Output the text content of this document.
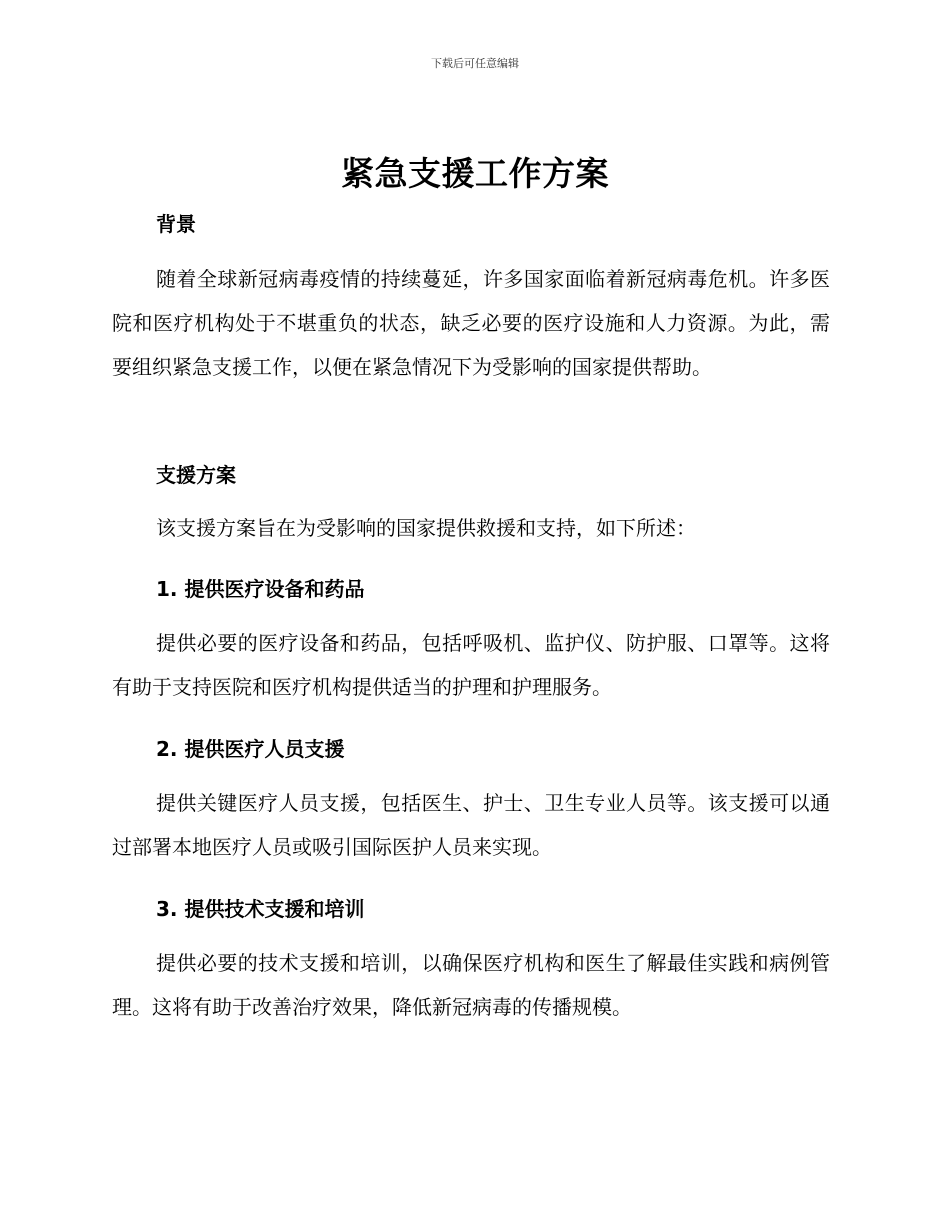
下载后可任意编辑
紧急支援工作方案
背景

随着全球新冠病毒疫情的持续蔓延，许多国家面临着新冠病毒危机。许多医院和医疗机构处于不堪重负的状态，缺乏必要的医疗设施和人力资源。为此，需要组织紧急支援工作，以便在紧急情况下为受影响的国家提供帮助。

支援方案

该支援方案旨在为受影响的国家提供救援和支持，如下所述：

1. 提供医疗设备和药品

提供必要的医疗设备和药品，包括呼吸机、监护仪、防护服、口罩等。这将有助于支持医院和医疗机构提供适当的护理和护理服务。

2. 提供医疗人员支援

提供关键医疗人员支援，包括医生、护士、卫生专业人员等。该支援可以通过部署本地医疗人员或吸引国际医护人员来实现。

3. 提供技术支援和培训

提供必要的技术支援和培训，以确保医疗机构和医生了解最佳实践和病例管理。这将有助于改善治疗效果，降低新冠病毒的传播规模。
